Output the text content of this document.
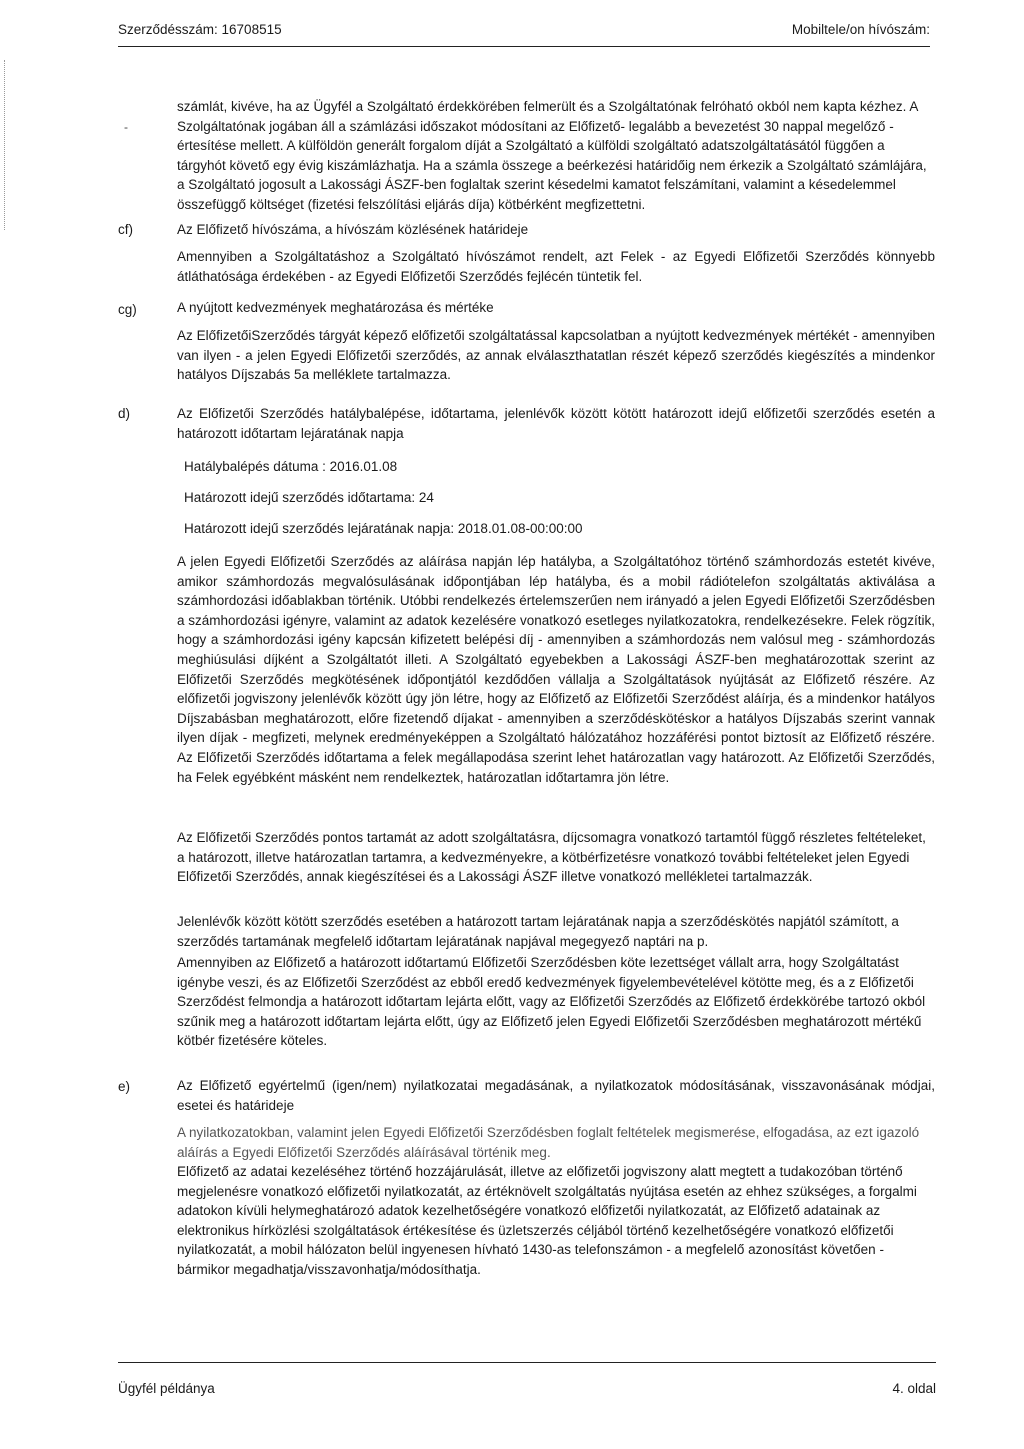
Szerződésszám: 16708515	Mobiltele/on hívószám:
-
számlát, kivéve, ha az Ügyfél a Szolgáltató érdekkörében felmerült és a Szolgáltatónak felróható okból nem kapta kézhez. A Szolgáltatónak jogában áll a számlázási időszakot módosítani az Előfizető- legalább a bevezetést 30 nappal megelőző - értesítése mellett. A külföldön generált forgalom díját a Szolgáltató a külföldi szolgáltató adatszolgáltatásától függően a tárgyhót követő egy évig kiszámlázhatja. Ha a számla összege a beérkezési határidőig nem érkezik a Szolgáltató számlájára, a Szolgáltató jogosult a Lakossági ÁSZF-ben foglaltak szerint késedelmi kamatot felszámítani, valamint a késedelemmel összefüggő költséget (fizetési felszólítási eljárás díja) kötbérként megfizettetni.
cf)	Az Előfizető hívószáma, a hívószám közlésének határideje
Amennyiben a Szolgáltatáshoz a Szolgáltató hívószámot rendelt, azt Felek - az Egyedi Előfizetői Szerződés könnyebb átláthatósága érdekében - az Egyedi Előfizetői Szerződés fejlécén tüntetik fel.
cg)	A nyújtott kedvezmények meghatározása és mértéke
Az ElőfizetőiSzerződés tárgyát képező előfizetői szolgáltatással kapcsolatban a nyújtott kedvezmények mértékét - amennyiben van ilyen - a jelen Egyedi Előfizetői szerződés, az annak elválaszthatatlan részét képező szerződés kiegészítés a mindenkor hatályos Díjszabás 5a melléklete tartalmazza.
d)	Az Előfizetői Szerződés hatálybalépése, időtartama, jelenlévők között kötött határozott idejű előfizetői szerződés esetén a határozott időtartam lejáratának napja
Hatálybalépés dátuma : 2016.01.08
Határozott idejű szerződés időtartama: 24
Határozott idejű szerződés lejáratának napja: 2018.01.08-00:00:00
A jelen Egyedi Előfizetői Szerződés az aláírása napján lép hatályba, a Szolgáltatóhoz történő számhordozás estetét kivéve, amikor számhordozás megvalósulásának időpontjában lép hatályba, és a mobil rádiótelefon szolgáltatás aktiválása a számhordozási időablakban történik. Utóbbi rendelkezés értelemszerűen nem irányadó a jelen Egyedi Előfizetői Szerződésben a számhordozási igényre, valamint az adatok kezelésére vonatkozó esetleges nyilatkozatokra, rendelkezésekre. Felek rögzítik, hogy a számhordozási igény kapcsán kifizetett belépési díj - amennyiben a számhordozás nem valósul meg - számhordozás meghiúsulási díjként a Szolgáltatót illeti. A Szolgáltató egyebekben a Lakossági ÁSZF-ben meghatározottak szerint az Előfizetői Szerződés megkötésének időpontjától kezdődően vállalja a Szolgáltatások nyújtását az Előfizető részére. Az előfizetői jogviszony jelenlévők között úgy jön létre, hogy az Előfizető az Előfizetői Szerződést aláírja, és a mindenkor hatályos Díjszabásban meghatározott, előre fizetendő díjakat - amennyiben a szerződéskötéskor a hatályos Díjszabás szerint vannak ilyen díjak - megfizeti, melynek eredményeképpen a Szolgáltató hálózatához hozzáférési pontot biztosít az Előfizető részére. Az Előfizetői Szerződés időtartama a felek megállapodása szerint lehet határozatlan vagy határozott. Az Előfizetői Szerződés, ha Felek egyébként másként nem rendelkeztek, határozatlan időtartamra jön létre.
Az Előfizetői Szerződés pontos tartamát az adott szolgáltatásra, díjcsomagra vonatkozó tartamtól függő részletes feltételeket, a határozott, illetve határozatlan tartamra, a kedvezményekre, a kötbérfizetésre vonatkozó további feltételeket jelen Egyedi Előfizetői Szerződés, annak kiegészítései és a Lakossági ÁSZF illetve vonatkozó mellékletei tartalmazzák.
Jelenlévők között kötött szerződés esetében a határozott tartam lejáratának napja a szerződéskötés napjától számított, a szerződés tartamának megfelelő időtartam lejáratának napjával megegyező naptári na p.
Amennyiben az Előfizető a határozott időtartamú Előfizetői Szerződésben köte lezettséget vállalt arra, hogy Szolgáltatást igénybe veszi, és az Előfizetői Szerződést az ebből eredő kedvezmények figyelembevételével kötötte meg, és a z Előfizetői Szerződést felmondja a határozott időtartam lejárta előtt, vagy az Előfizetői Szerződés az Előfizető érdekkörébe tartozó okból szűnik meg a határozott időtartam lejárta előtt, úgy az Előfizető jelen Egyedi Előfizetői Szerződésben meghatározott mértékű kötbér fizetésére köteles.
e)	Az Előfizető egyértelmű (igen/nem) nyilatkozatai megadásának, a nyilatkozatok módosításának, visszavonásának módjai, esetei és határideje
A nyilatkozatokban, valamint jelen Egyedi Előfizetői Szerződésben foglalt feltételek megismerése, elfogadása, az ezt igazoló aláírás a Egyedi Előfizetői Szerződés aláírásával történik meg.
Előfizető az adatai kezeléséhez történő hozzájárulását, illetve az előfizetői jogviszony alatt megtett a tudakozóban történő megjelenésre vonatkozó előfizetői nyilatkozatát, az értéknövelt szolgáltatás nyújtása esetén az ehhez szükséges, a forgalmi adatokon kívüli helymeghatározó adatok kezelhetőségére vonatkozó előfizetői nyilatkozatát, az Előfizető adatainak az elektronikus hírközlési szolgáltatások értékesítése és üzletszerzés céljából történő kezelhetőségére vonatkozó előfizetői nyilatkozatát, a mobil hálózaton belül ingyenesen hívható 1430-as telefonszámon - a megfelelő azonosítást követően - bármikor megadhatja/visszavonhatja/módosíthatja.
Ügyfél példánya	4. oldal
